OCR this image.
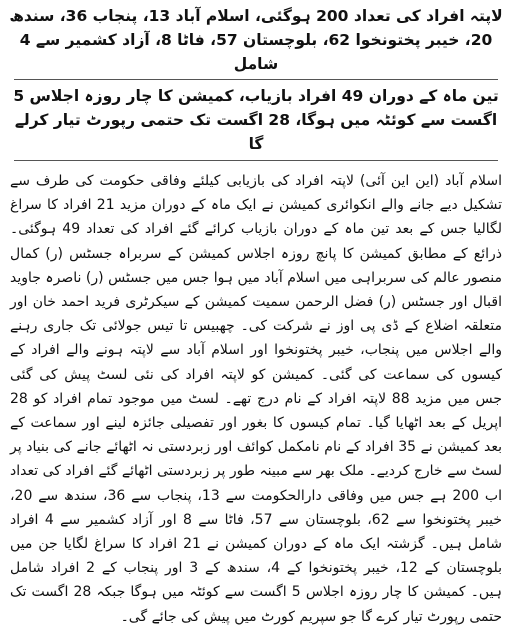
لاپتہ افراد کی تعداد 200 ہوگئی، اسلام آباد 13، پنجاب 36، سندھ 20، خیبر پختونخوا 62، بلوچستان 57، فاٹا 8، آزاد کشمیر سے 4 شامل
تین ماہ کے دوران 49 افراد بازیاب، کمیشن کا چار روزہ اجلاس 5 اگست سے کوئٹہ میں ہوگا، 28 اگست تک حتمی رپورٹ تیار کرلے گا
اسلام آباد (این این آئی) لاپتہ افراد کی بازیابی کیلئے وفاقی حکومت کی طرف سے تشکیل دیے جانے والے انکوائری کمیشن نے ایک ماہ کے دوران مزید 21 افراد کا سراغ لگالیا جس کے بعد تین ماہ کے دوران بازیاب کرائے گئے افراد کی تعداد 49 ہوگئی۔ ذرائع کے مطابق کمیشن کا پانچ روزہ اجلاس کمیشن کے سربراہ جسٹس (ر) کمال منصور عالم کی سربراہی میں اسلام آباد میں ہوا جس میں جسٹس (ر) ناصرہ جاوید اقبال اور جسٹس (ر) فضل الرحمن سمیت کمیشن کے سیکرٹری فرید احمد خان اور متعلقہ اضلاع کے ڈی پی اوز نے شرکت کی۔ چھبیس تا تیس جولائی تک جاری رہنے والے اجلاس میں پنجاب، خیبر پختونخوا اور اسلام آباد سے لاپتہ ہونے والے افراد کے کیسوں کی سماعت کی گئی۔ کمیشن کو لاپتہ افراد کی نئی لسٹ پیش کی گئی جس میں مزید 88 لاپتہ افراد کے نام درج تھے۔ لسٹ میں موجود تمام افراد کو 28 اپریل کے بعد اٹھایا گیا۔ تمام کیسوں کا بغور اور تفصیلی جائزہ لینے اور سماعت کے بعد کمیشن نے 35 افراد کے نام نامکمل کوائف اور زبردستی نہ اٹھائے جانے کی بنیاد پر لسٹ سے خارج کردیے۔ ملک بھر سے مبینہ طور پر زبردستی اٹھائے گئے افراد کی تعداد اب 200 ہے جس میں وفاقی دارالحکومت سے 13، پنجاب سے 36، سندھ سے 20، خیبر پختونخوا سے 62، بلوچستان سے 57، فاٹا سے 8 اور آزاد کشمیر سے 4 افراد شامل ہیں۔ گزشتہ ایک ماہ کے دوران کمیشن نے 21 افراد کا سراغ لگایا جن میں بلوچستان کے 12، خیبر پختونخوا کے 4، سندھ کے 3 اور پنجاب کے 2 افراد شامل ہیں۔ کمیشن کا چار روزہ اجلاس 5 اگست سے کوئٹہ میں ہوگا جبکہ 28 اگست تک حتمی رپورٹ تیار کرے گا جو سپریم کورٹ میں پیش کی جائے گی۔
